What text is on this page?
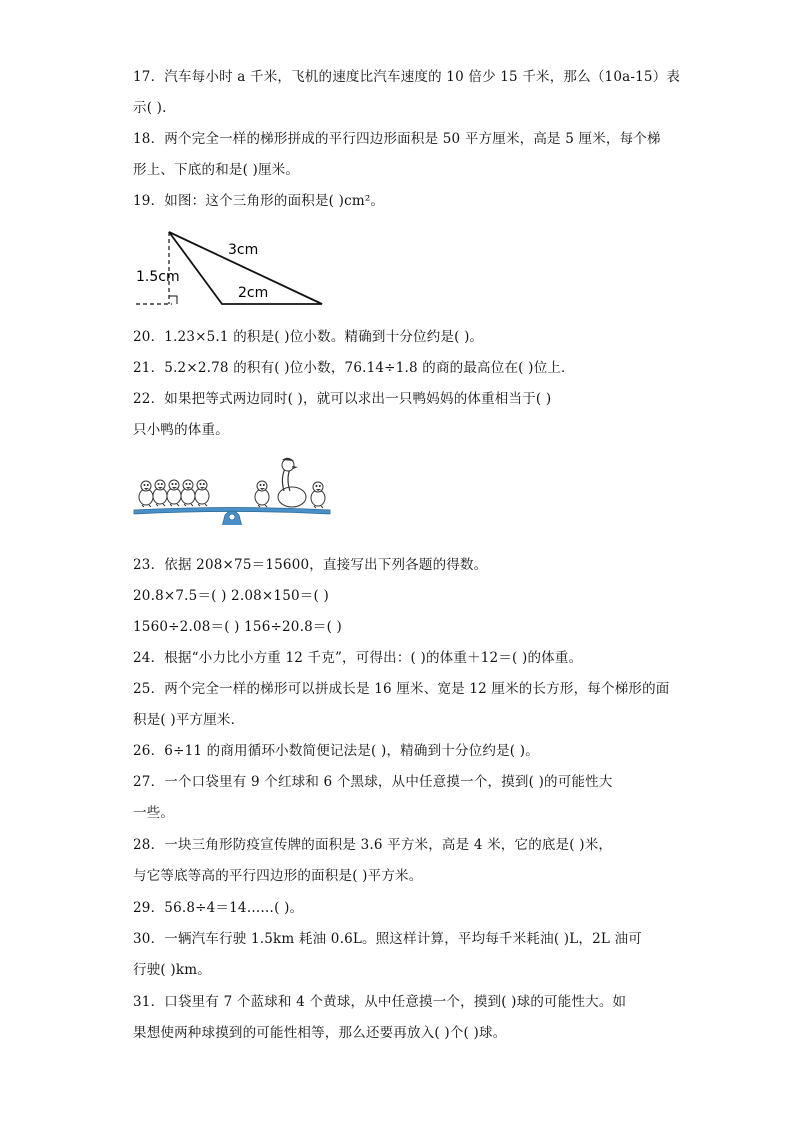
17．汽车每小时 a 千米，飞机的速度比汽车速度的 10 倍少 15 千米，那么（10a-15）表
示( ).
18．两个完全一样的梯形拼成的平行四边形面积是 50 平方厘米，高是 5 厘米，每个梯
形上、下底的和是( )厘米。
19．如图：这个三角形的面积是( )cm²。
3cm
1.5cm
2cm
20．1.23×5.1 的积是( )位小数。精确到十分位约是( )。
21．5.2×2.78 的积有( )位小数，76.14÷1.8 的商的最高位在( )位上．
22．如果把等式两边同时( )，就可以求出一只鸭妈妈的体重相当于( )
只小鸭的体重。
23．依据 208×75＝15600，直接写出下列各题的得数。
20.8×7.5＝( ) 2.08×150＝( )
1560÷2.08＝( ) 156÷20.8＝( )
24．根据“小力比小方重 12 千克”，可得出：( )的体重＋12＝( )的体重。
25．两个完全一样的梯形可以拼成长是 16 厘米、宽是 12 厘米的长方形，每个梯形的面
积是( )平方厘米．
26．6÷11 的商用循环小数简便记法是( )，精确到十分位约是( )。
27．一个口袋里有 9 个红球和 6 个黑球，从中任意摸一个，摸到( )的可能性大
一些。
28．一块三角形防疫宣传牌的面积是 3.6 平方米，高是 4 米，它的底是( )米，
与它等底等高的平行四边形的面积是( )平方米。
29．56.8÷4＝14……( )。
30．一辆汽车行驶 1.5km 耗油 0.6L。照这样计算，平均每千米耗油( )L，2L 油可
行驶( )km。
31．口袋里有 7 个蓝球和 4 个黄球，从中任意摸一个，摸到( )球的可能性大。如
果想使两种球摸到的可能性相等，那么还要再放入( )个( )球。
